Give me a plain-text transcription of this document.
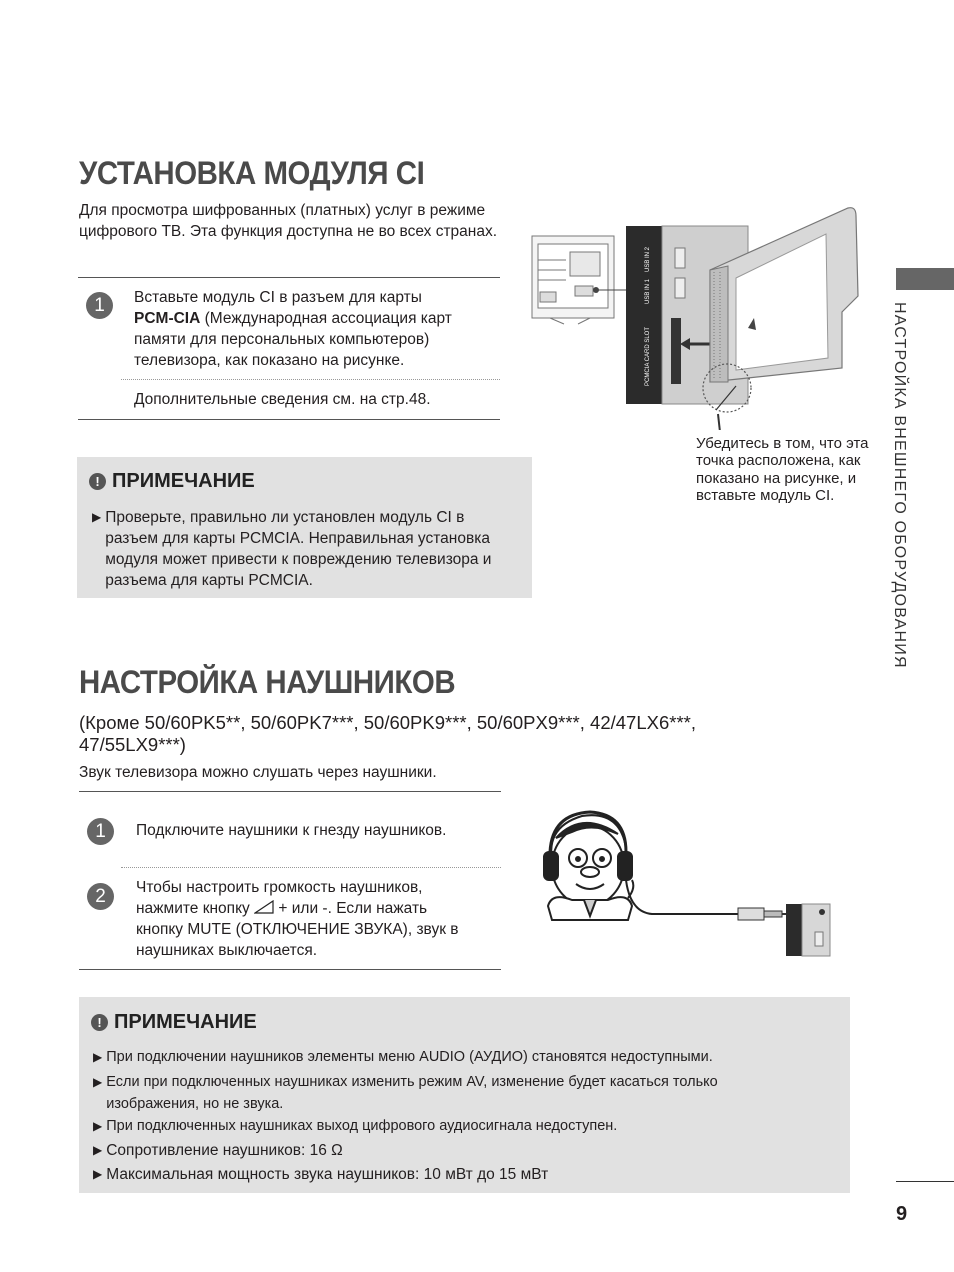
НАСТРОЙКА ВНЕШНЕГО ОБОРУДОВАНИЯ
УСТАНОВКА МОДУЛЯ CI
Для просмотра шифрованных (платных) услуг в режиме цифрового ТВ. Эта функция доступна не во всех странах.
1	Вставьте модуль CI в разъем для карты
PCM-CIA (Международная ассоциация карт
памяти для персональных компьютеров)
телевизора, как показано на рисунке.
Дополнительные сведения см. на стр.48.
USB IN 2
USB IN 1
PCMCIA CARD SLOT
Убедитесь в том, что эта точка расположена, как показано на рисунке, и вставьте модуль CI.
! ПРИМЕЧАНИЕ
▶ Проверьте, правильно ли установлен модуль CI в разъем для карты PCMCIA. Неправильная установка модуля может привести к повреждению телевизора и разъема для карты PCMCIA.
НАСТРОЙКА НАУШНИКОВ
(Кроме 50/60PK5**, 50/60PK7***, 50/60PK9***, 50/60PX9***, 42/47LX6***,
47/55LX9***)
Звук телевизора можно слушать через наушники.
1	Подключите наушники к гнезду наушников.
2	Чтобы настроить громкость наушников,
нажмите кнопку  + или -. Если нажать
кнопку MUTE (ОТКЛЮЧЕНИЕ ЗВУКА), звук в
наушниках выключается.
! ПРИМЕЧАНИЕ
▶ При подключении наушников элементы меню AUDIO (АУДИО) становятся недоступными.
▶ Если при подключенных наушниках изменить режим AV, изменение будет касаться только изображения, но не звука.
▶ При подключенных наушниках выход цифрового аудиосигнала недоступен.
▶ Сопротивление наушников: 16 Ω
▶ Максимальная мощность звука наушников: 10 мВт до 15 мВт
9
